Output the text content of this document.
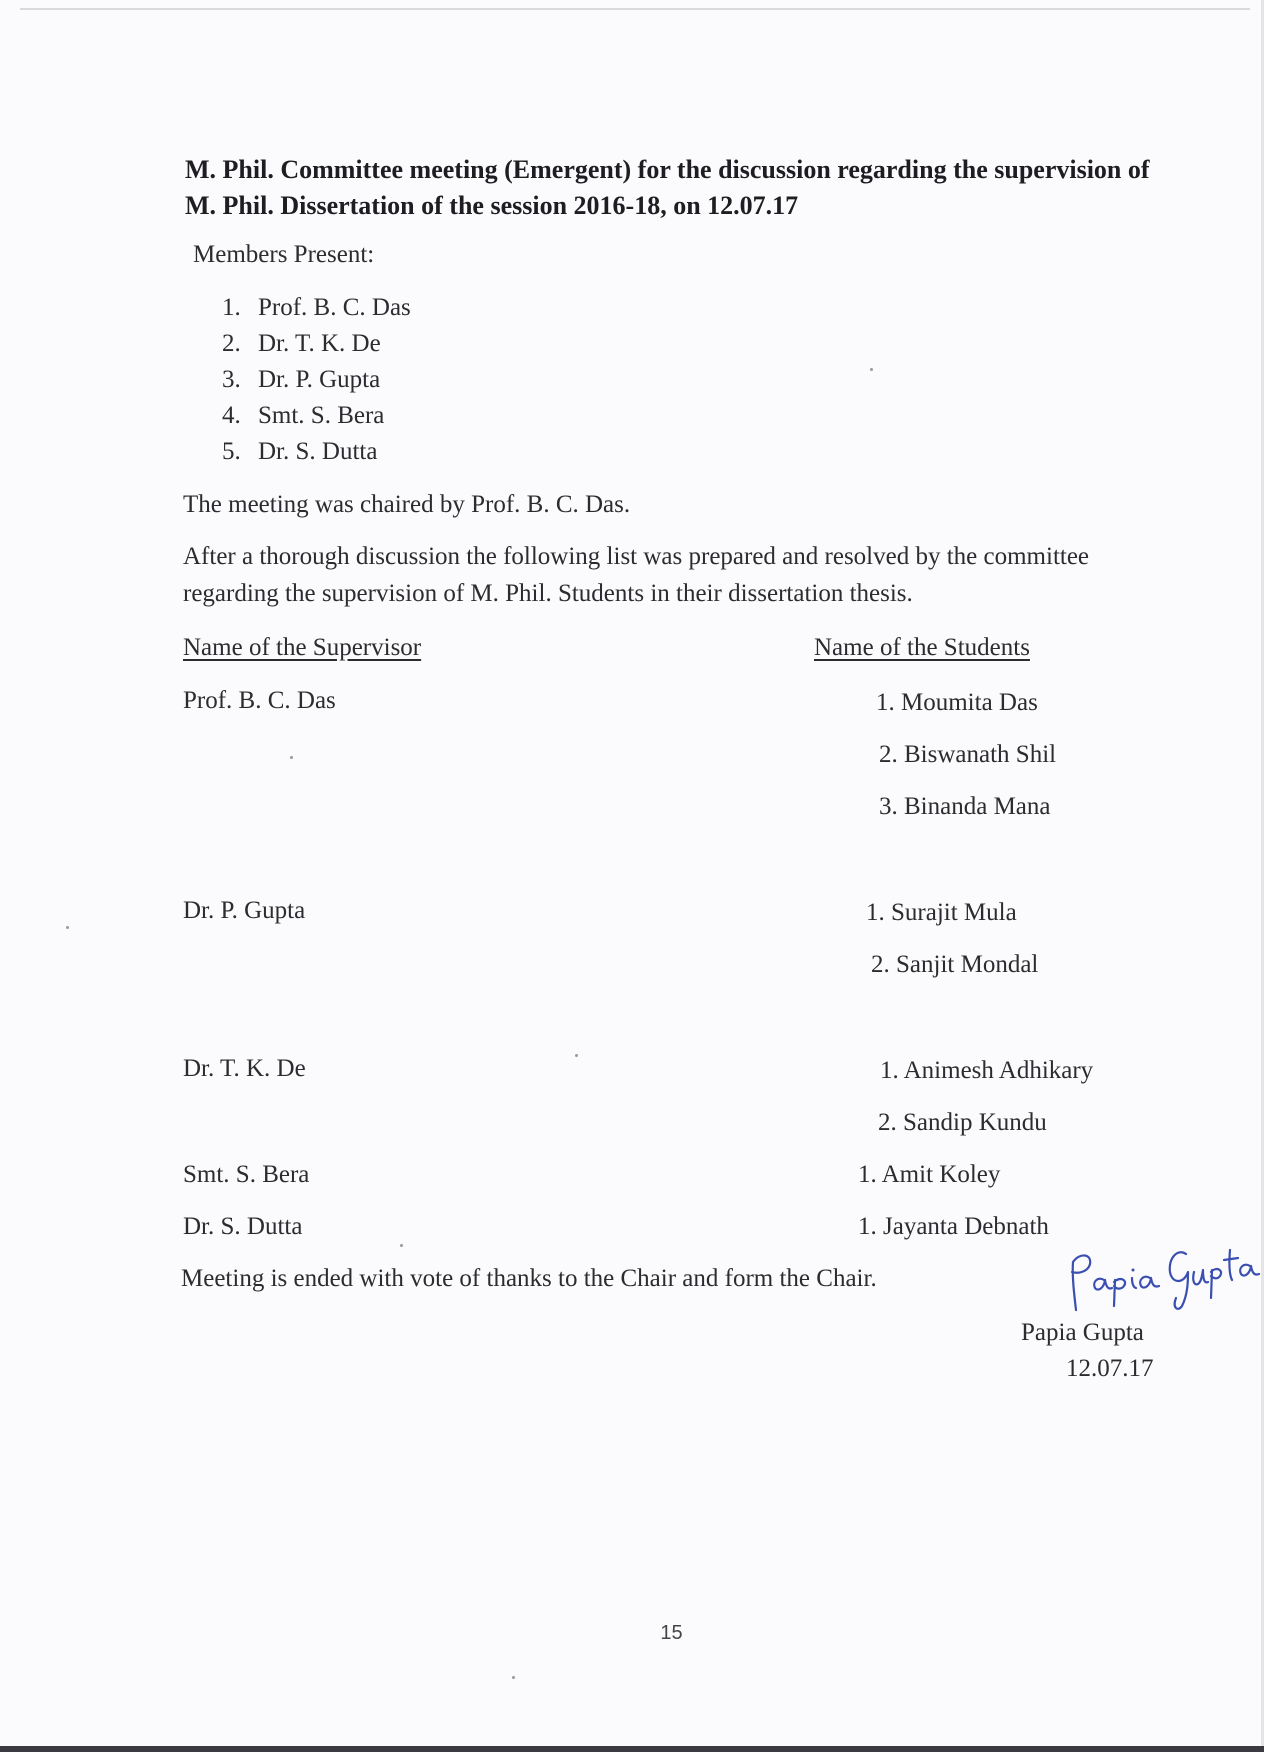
M. Phil. Committee meeting (Emergent) for the discussion regarding the supervision of M. Phil. Dissertation of the session 2016-18, on 12.07.17
Members Present:
1. Prof. B. C. Das
2. Dr. T. K. De
3. Dr. P. Gupta
4. Smt. S. Bera
5. Dr. S. Dutta
The meeting was chaired by Prof. B. C. Das.

After a thorough discussion the following list was prepared and resolved by the committee regarding the supervision of M. Phil. Students in their dissertation thesis.

Name of the Supervisor	Name of the Students
Prof. B. C. Das	1. Moumita Das
2. Biswanath Shil
3. Binanda Mana
Dr. P. Gupta	1. Surajit Mula
2. Sanjit Mondal
Dr. T. K. De	1. Animesh Adhikary
2. Sandip Kundu
Smt. S. Bera	1. Amit Koley
Dr. S. Dutta	1. Jayanta Debnath
Meeting is ended with vote of thanks to the Chair and form the Chair.
Papia Gupta
12.07.17
15
